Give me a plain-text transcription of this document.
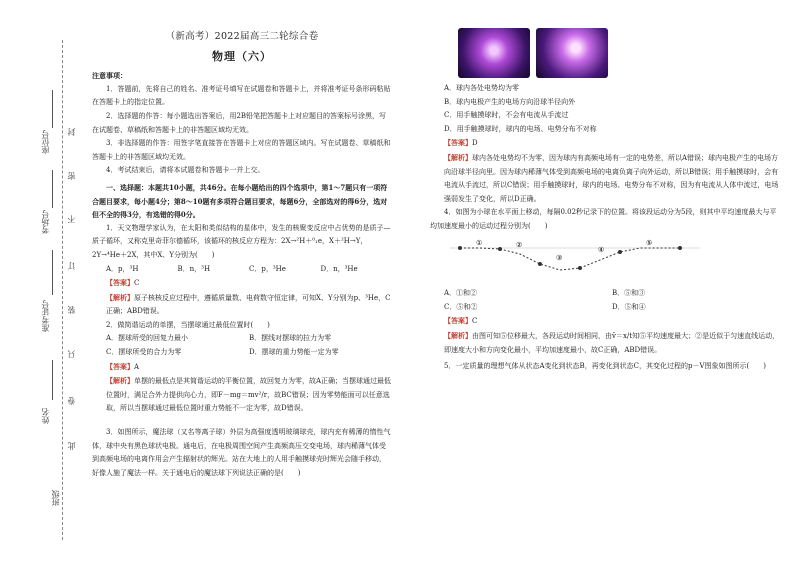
封
密
不
订
装
只
卷
此
班级
姓名
准考证号
考场号
座位号

（新高考）2022届高三二轮综合卷

物理（六）

注意事项：

1．答题前，先将自己的姓名、准考证号填写在试题卷和答题卡上，并将准考证号条形码粘贴在答题卡上的指定位置。

2．选择题的作答：每小题选出答案后，用2B铅笔把答题卡上对应题目的答案标号涂黑，写在试题卷、草稿纸和答题卡上的非答题区域均无效。

3．非选择题的作答：用签字笔直接答在答题卡上对应的答题区域内。写在试题卷、草稿纸和答题卡上的非答题区域均无效。

4．考试结束后，请将本试题卷和答题卡一并上交。

一、选择题：本题共10小题，共46分。在每小题给出的四个选项中，第1～7题只有一项符合题目要求，每小题4分；第8～10题有多项符合题目要求，每题6分，全部选对的得6分，选对但不全的得3分，有选错的得0分。

1．天文物理学家认为，在太阳和类似结构的星体中，发生的核聚变反应中占优势的是质子—质子循环，又称克里奇菲尔德循环，该循环的核反应方程为：2X→²H＋⁰₁e，X＋²H→Y，2Y→⁴He＋2X，其中X、Y分别为(　　)

A．p，³H	B．n，³H	C．p，³He	D．n，³He

【答案】C

【解析】原子核核反应过程中，遵循质量数、电荷数守恒定律，可知X、Y分别为p、³He，C正确；ABD错误。

2．做简谐运动的单摆，当摆球通过最低位置时(　　)

A．摆球所受的回复力最小	B．摆线对摆球的拉力为零
C．摆球所受的合力为零	D．摆球的重力势能一定为零

【答案】A

【解析】单摆的最低点是其简谐运动的平衡位置，故回复力为零，故A正确；当摆球通过最低位置时，满足合外力提供向心力，即F－mg＝mv²/r，故BC错误；因为零势能面可以任意选取，所以当摆球通过最低位置时重力势能不一定为零，故D错误。

3．如图所示，魔法球（又名等离子球）外层为高强度透明玻璃球壳，球内充有稀薄的惰性气体，球中央有黑色球状电极。通电后，在电极周围空间产生高频高压交变电场，球内稀薄气体受到高频电场的电离作用会产生辐射状的辉光。站在大地上的人用手触摸球壳时辉光会随手移动，好像人施了魔法一样。关于通电后的魔法球下列说法正确的是(　　)

A．球内各处电势均为零

B．球内电极产生的电场方向沿球半径向外

C．用手触摸球时，不会有电流从手流过

D．用手触摸球时，球内的电场、电势分布不对称

【答案】D

【解析】球内各处电势均不为零，因为球内有高频电场有一定的电势差，所以A错误；球内电极产生的电场方向沿球半径向里。因为球内稀薄气体受到高频电场的电离负离子向外运动，所以B错误；用手触摸球时，会有电流从手流过，所以C错误；用手触摸球时，球内的电场、电势分布不对称，因为有电流从人体中流过，电场强弱发生了变化，所以D正确。

4．如图为小球在水平面上移动，每隔0.02秒记录下的位置。将该段运动分为5段，则其中平均速度最大与平均加速度最小的运动过程分别为(　　)

①	②
③
④
⑤
A．①和②	B．⑤和③
C．⑤和②	D．⑤和④

【答案】C

【解析】由图可知⑤位移最大，各段运动时间相同，由v̄＝x/t知⑤平均速度最大；②是近似于匀速直线运动，即速度大小和方向变化最小，平均加速度最小，故C正确，ABD错误。

5．一定质量的理想气体从状态A变化到状态B，再变化到状态C，其变化过程的p－V图象如图所示(　　)
